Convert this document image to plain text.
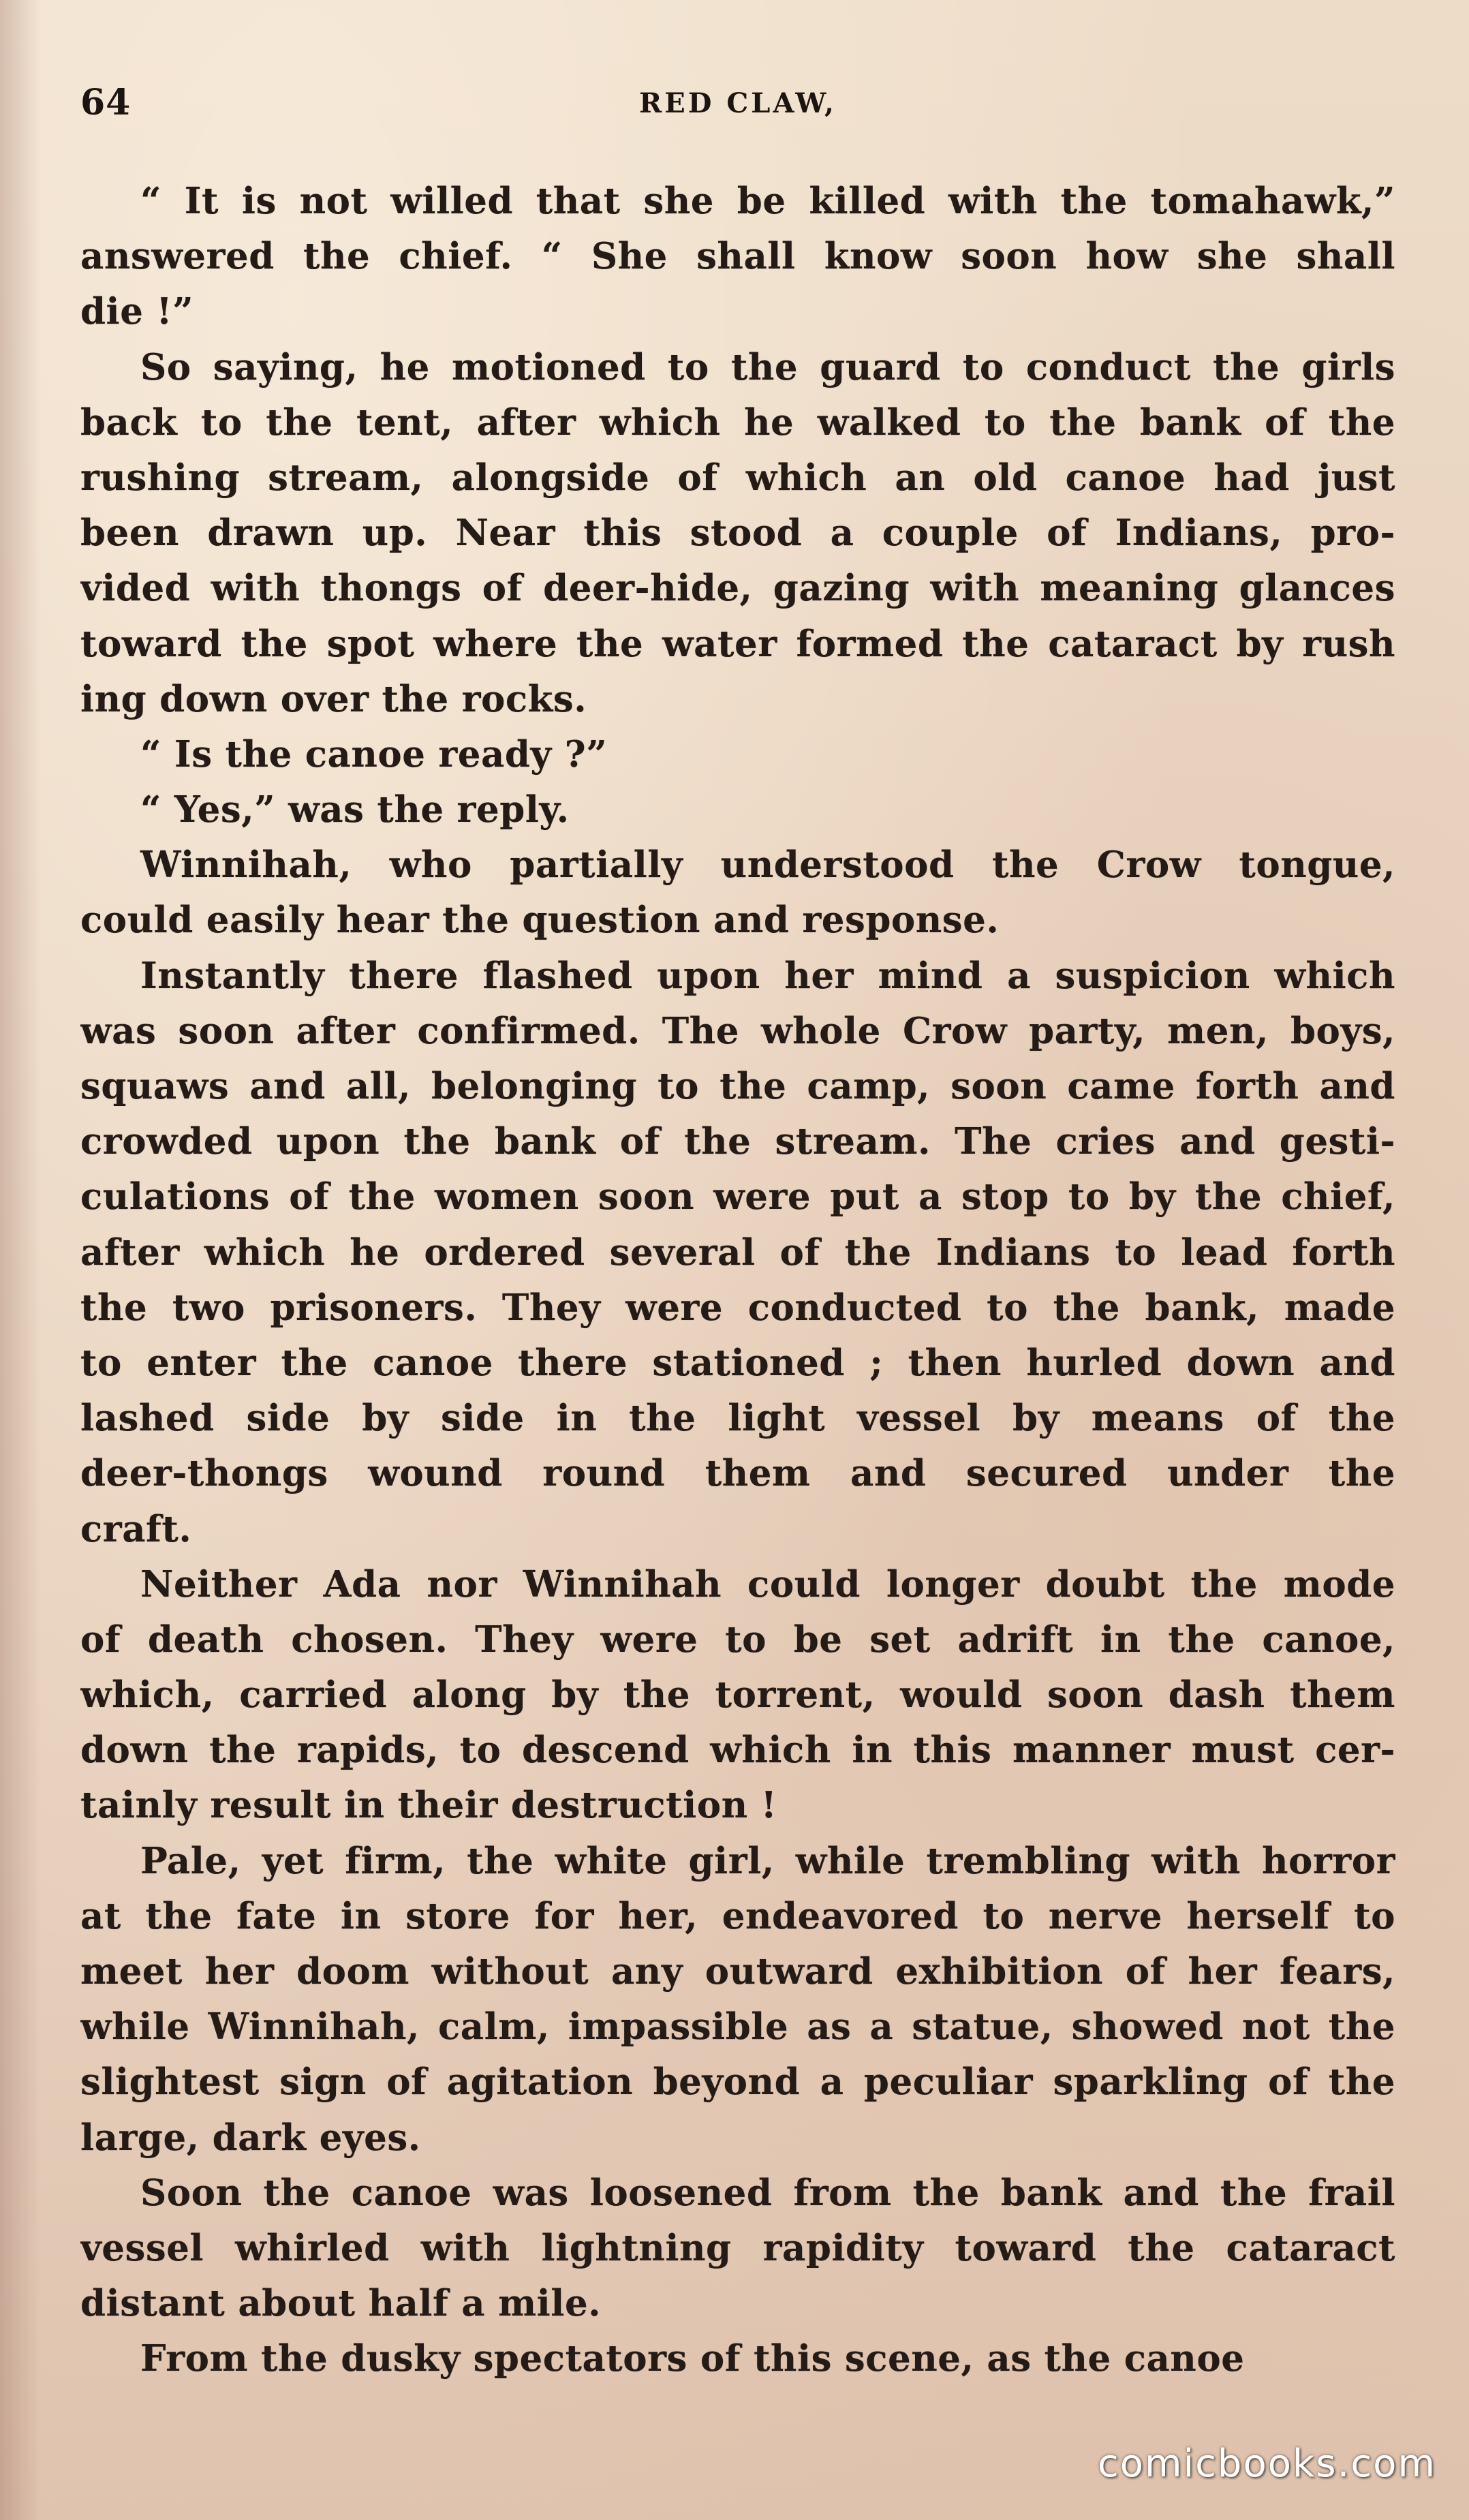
64	RED CLAW,
“ It is not willed that she be killed with the tomahawk,”
answered the chief. “ She shall know soon how she shall
die !”
So saying, he motioned to the guard to conduct the girls
back to the tent, after which he walked to the bank of the
rushing stream, alongside of which an old canoe had just
been drawn up. Near this stood a couple of Indians, pro-
vided with thongs of deer-hide, gazing with meaning glances
toward the spot where the water formed the cataract by rush
ing down over the rocks.
“ Is the canoe ready ?”
“ Yes,” was the reply.
Winnihah, who partially understood the Crow tongue,
could easily hear the question and response.
Instantly there flashed upon her mind a suspicion which
was soon after confirmed. The whole Crow party, men, boys,
squaws and all, belonging to the camp, soon came forth and
crowded upon the bank of the stream. The cries and gesti-
culations of the women soon were put a stop to by the chief,
after which he ordered several of the Indians to lead forth
the two prisoners. They were conducted to the bank, made
to enter the canoe there stationed ; then hurled down and
lashed side by side in the light vessel by means of the
deer-thongs wound round them and secured under the
craft.
Neither Ada nor Winnihah could longer doubt the mode
of death chosen. They were to be set adrift in the canoe,
which, carried along by the torrent, would soon dash them
down the rapids, to descend which in this manner must cer-
tainly result in their destruction !
Pale, yet firm, the white girl, while trembling with horror
at the fate in store for her, endeavored to nerve herself to
meet her doom without any outward exhibition of her fears,
while Winnihah, calm, impassible as a statue, showed not the
slightest sign of agitation beyond a peculiar sparkling of the
large, dark eyes.
Soon the canoe was loosened from the bank and the frail
vessel whirled with lightning rapidity toward the cataract
distant about half a mile.
From the dusky spectators of this scene, as the canoe
comicbooks.com
